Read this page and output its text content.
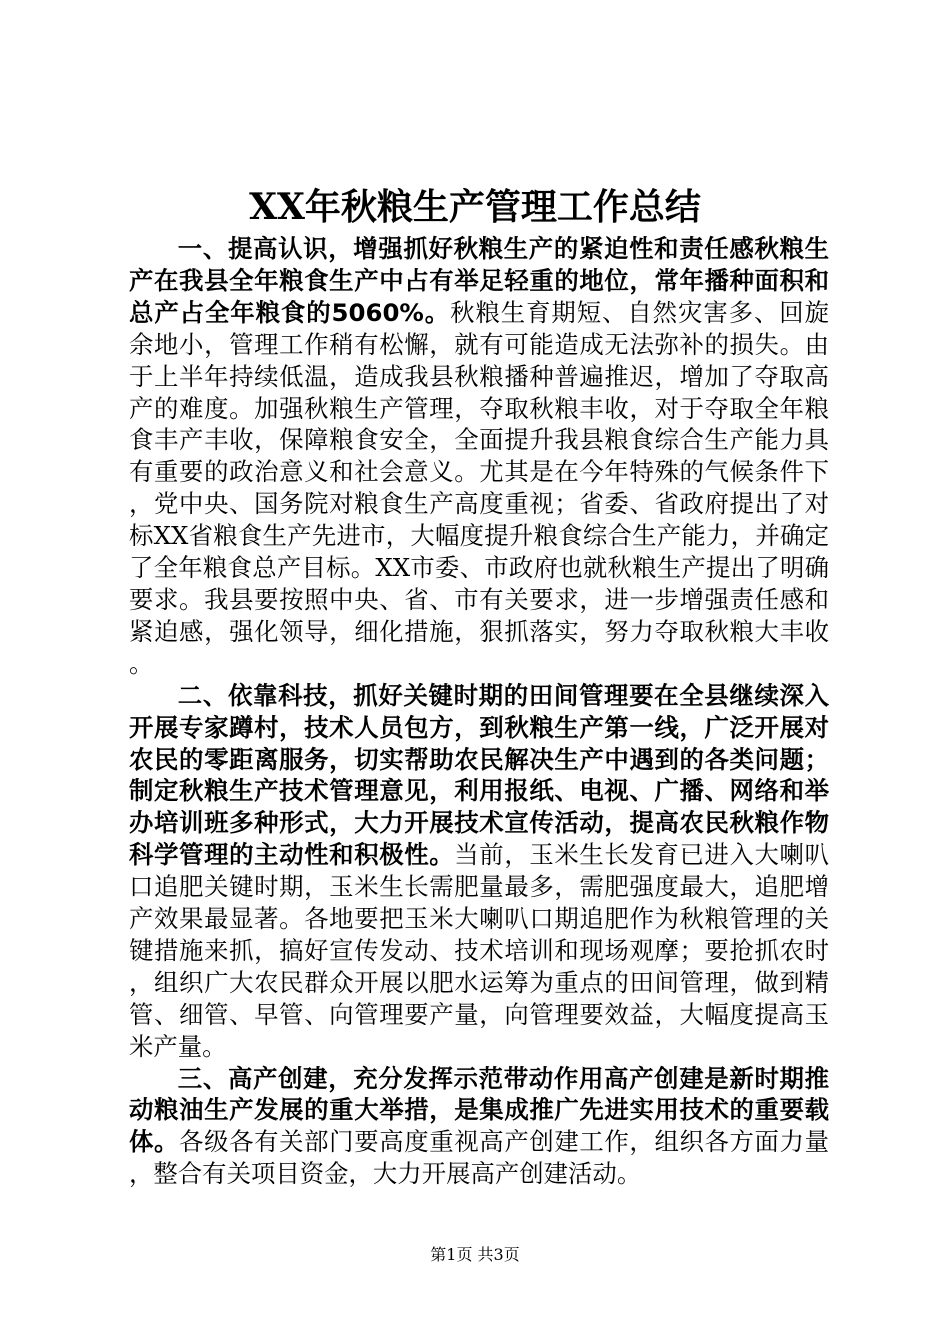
XX年秋粮生产管理工作总结

一、提高认识，增强抓好秋粮生产的紧迫性和责任感秋粮生产在我县全年粮食生产中占有举足轻重的地位，常年播种面积和总产占全年粮食的5060%。秋粮生育期短、自然灾害多、回旋余地小，管理工作稍有松懈，就有可能造成无法弥补的损失。由于上半年持续低温，造成我县秋粮播种普遍推迟，增加了夺取高产的难度。加强秋粮生产管理，夺取秋粮丰收，对于夺取全年粮食丰产丰收，保障粮食安全，全面提升我县粮食综合生产能力具有重要的政治意义和社会意义。尤其是在今年特殊的气候条件下，党中央、国务院对粮食生产高度重视；省委、省政府提出了对标XX省粮食生产先进市，大幅度提升粮食综合生产能力，并确定了全年粮食总产目标。XX市委、市政府也就秋粮生产提出了明确要求。我县要按照中央、省、市有关要求，进一步增强责任感和紧迫感，强化领导，细化措施，狠抓落实，努力夺取秋粮大丰收。

二、依靠科技，抓好关键时期的田间管理要在全县继续深入开展专家蹲村，技术人员包方，到秋粮生产第一线，广泛开展对农民的零距离服务，切实帮助农民解决生产中遇到的各类问题；制定秋粮生产技术管理意见，利用报纸、电视、广播、网络和举办培训班多种形式，大力开展技术宣传活动，提高农民秋粮作物科学管理的主动性和积极性。当前，玉米生长发育已进入大喇叭口追肥关键时期，玉米生长需肥量最多，需肥强度最大，追肥增产效果最显著。各地要把玉米大喇叭口期追肥作为秋粮管理的关键措施来抓，搞好宣传发动、技术培训和现场观摩；要抢抓农时，组织广大农民群众开展以肥水运筹为重点的田间管理，做到精管、细管、早管、向管理要产量，向管理要效益，大幅度提高玉米产量。

三、高产创建，充分发挥示范带动作用高产创建是新时期推动粮油生产发展的重大举措，是集成推广先进实用技术的重要载体。各级各有关部门要高度重视高产创建工作，组织各方面力量，整合有关项目资金，大力开展高产创建活动。

第1页 共3页
